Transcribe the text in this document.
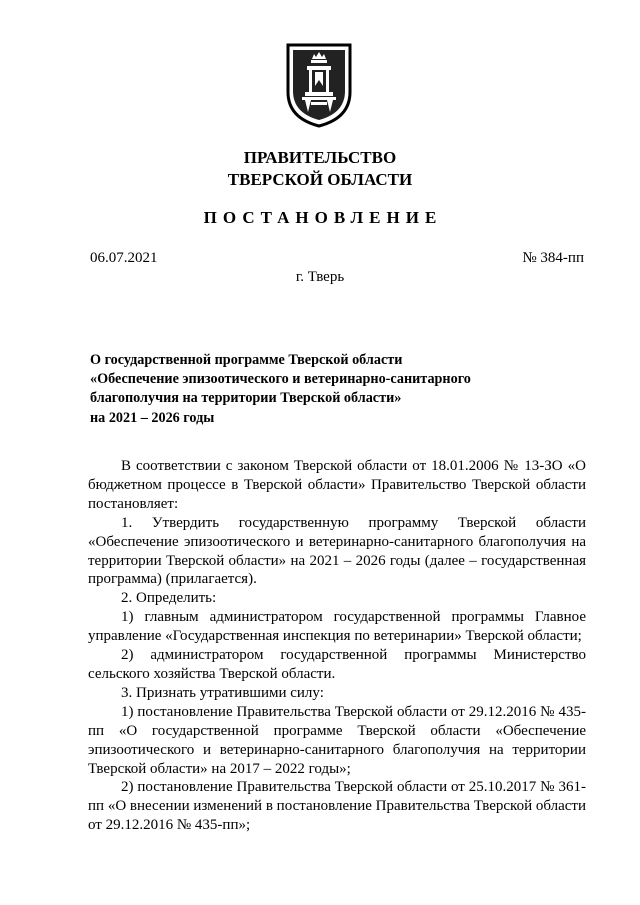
ПРАВИТЕЛЬСТВО
ТВЕРСКОЙ ОБЛАСТИ
ПОСТАНОВЛЕНИЕ
06.07.2021	№ 384-пп
г. Тверь
О государственной программе Тверской области
«Обеспечение эпизоотического и ветеринарно-санитарного
благополучия на территории Тверской области»
на 2021 – 2026 годы

В соответствии с законом Тверской области от 18.01.2006 № 13-ЗО «О бюджетном процессе в Тверской области» Правительство Тверской области постановляет:

1. Утвердить государственную программу Тверской области «Обеспечение эпизоотического и ветеринарно-санитарного благополучия на территории Тверской области» на 2021 – 2026 годы (далее – государственная программа) (прилагается).

2. Определить:

1) главным администратором государственной программы Главное управление «Государственная инспекция по ветеринарии» Тверской области;

2) администратором государственной программы Министерство сельского хозяйства Тверской области.

3. Признать утратившими силу:

1) постановление Правительства Тверской области от 29.12.2016 № 435-пп «О государственной программе Тверской области «Обеспечение эпизоотического и ветеринарно-санитарного благополучия на территории Тверской области» на 2017 – 2022 годы»;

2) постановление Правительства Тверской области от 25.10.2017 № 361-пп «О внесении изменений в постановление Правительства Тверской области от 29.12.2016 № 435-пп»;
